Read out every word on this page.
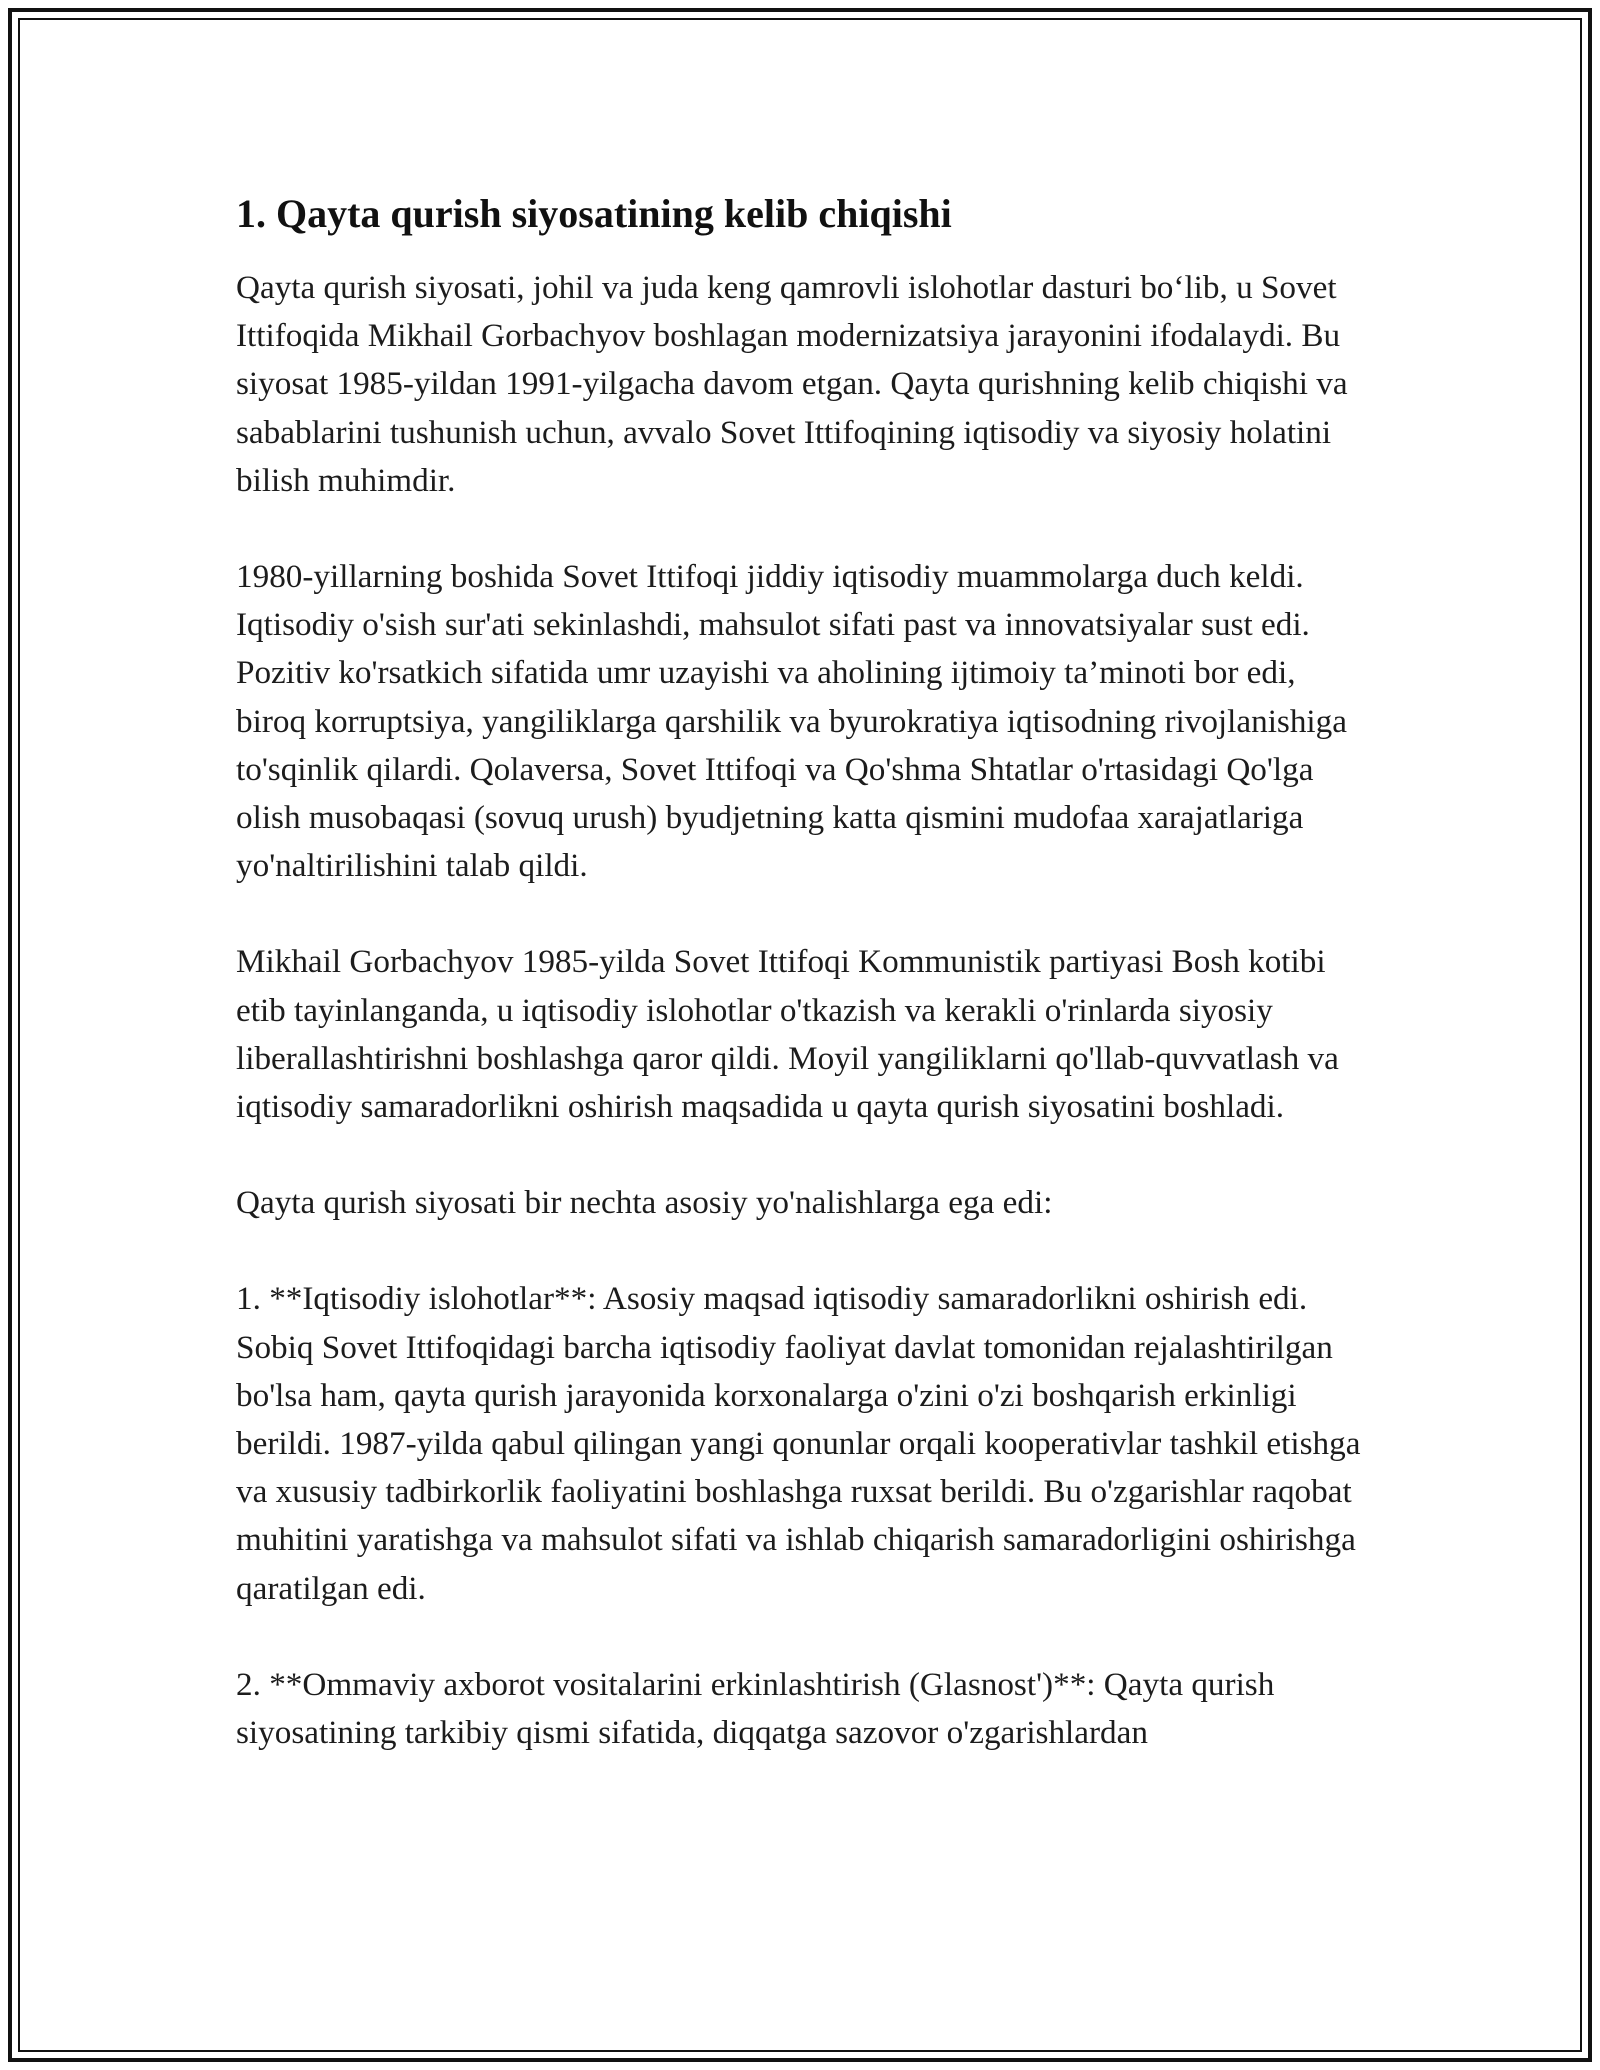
1. Qayta qurish siyosatining kelib chiqishi

Qayta qurish siyosati, johil va juda keng qamrovli islohotlar dasturi bo‘lib, u Sovet Ittifoqida Mikhail Gorbachyov boshlagan modernizatsiya jarayonini ifodalaydi. Bu siyosat 1985-yildan 1991-yilgacha davom etgan. Qayta qurishning kelib chiqishi va sabablarini tushunish uchun, avvalo Sovet Ittifoqining iqtisodiy va siyosiy holatini bilish muhimdir.

1980-yillarning boshida Sovet Ittifoqi jiddiy iqtisodiy muammolarga duch keldi. Iqtisodiy o'sish sur'ati sekinlashdi, mahsulot sifati past va innovatsiyalar sust edi. Pozitiv ko'rsatkich sifatida umr uzayishi va aholining ijtimoiy ta’minoti bor edi, biroq korruptsiya, yangiliklarga qarshilik va byurokratiya iqtisodning rivojlanishiga to'sqinlik qilardi. Qolaversa, Sovet Ittifoqi va Qo'shma Shtatlar o'rtasidagi Qo'lga olish musobaqasi (sovuq urush) byudjetning katta qismini mudofaa xarajatlariga yo'naltirilishini talab qildi.

Mikhail Gorbachyov 1985-yilda Sovet Ittifoqi Kommunistik partiyasi Bosh kotibi etib tayinlanganda, u iqtisodiy islohotlar o'tkazish va kerakli o'rinlarda siyosiy liberallashtirishni boshlashga qaror qildi. Moyil yangiliklarni qo'llab-quvvatlash va iqtisodiy samaradorlikni oshirish maqsadida u qayta qurish siyosatini boshladi.

Qayta qurish siyosati bir nechta asosiy yo'nalishlarga ega edi:

1. **Iqtisodiy islohotlar**: Asosiy maqsad iqtisodiy samaradorlikni oshirish edi. Sobiq Sovet Ittifoqidagi barcha iqtisodiy faoliyat davlat tomonidan rejalashtirilgan bo'lsa ham, qayta qurish jarayonida korxonalarga o'zini o'zi boshqarish erkinligi berildi. 1987-yilda qabul qilingan yangi qonunlar orqali kooperativlar tashkil etishga va xususiy tadbirkorlik faoliyatini boshlashga ruxsat berildi. Bu o'zgarishlar raqobat muhitini yaratishga va mahsulot sifati va ishlab chiqarish samaradorligini oshirishga qaratilgan edi.

2. **Ommaviy axborot vositalarini erkinlashtirish (Glasnost')**: Qayta qurish siyosatining tarkibiy qismi sifatida, diqqatga sazovor o'zgarishlardan
